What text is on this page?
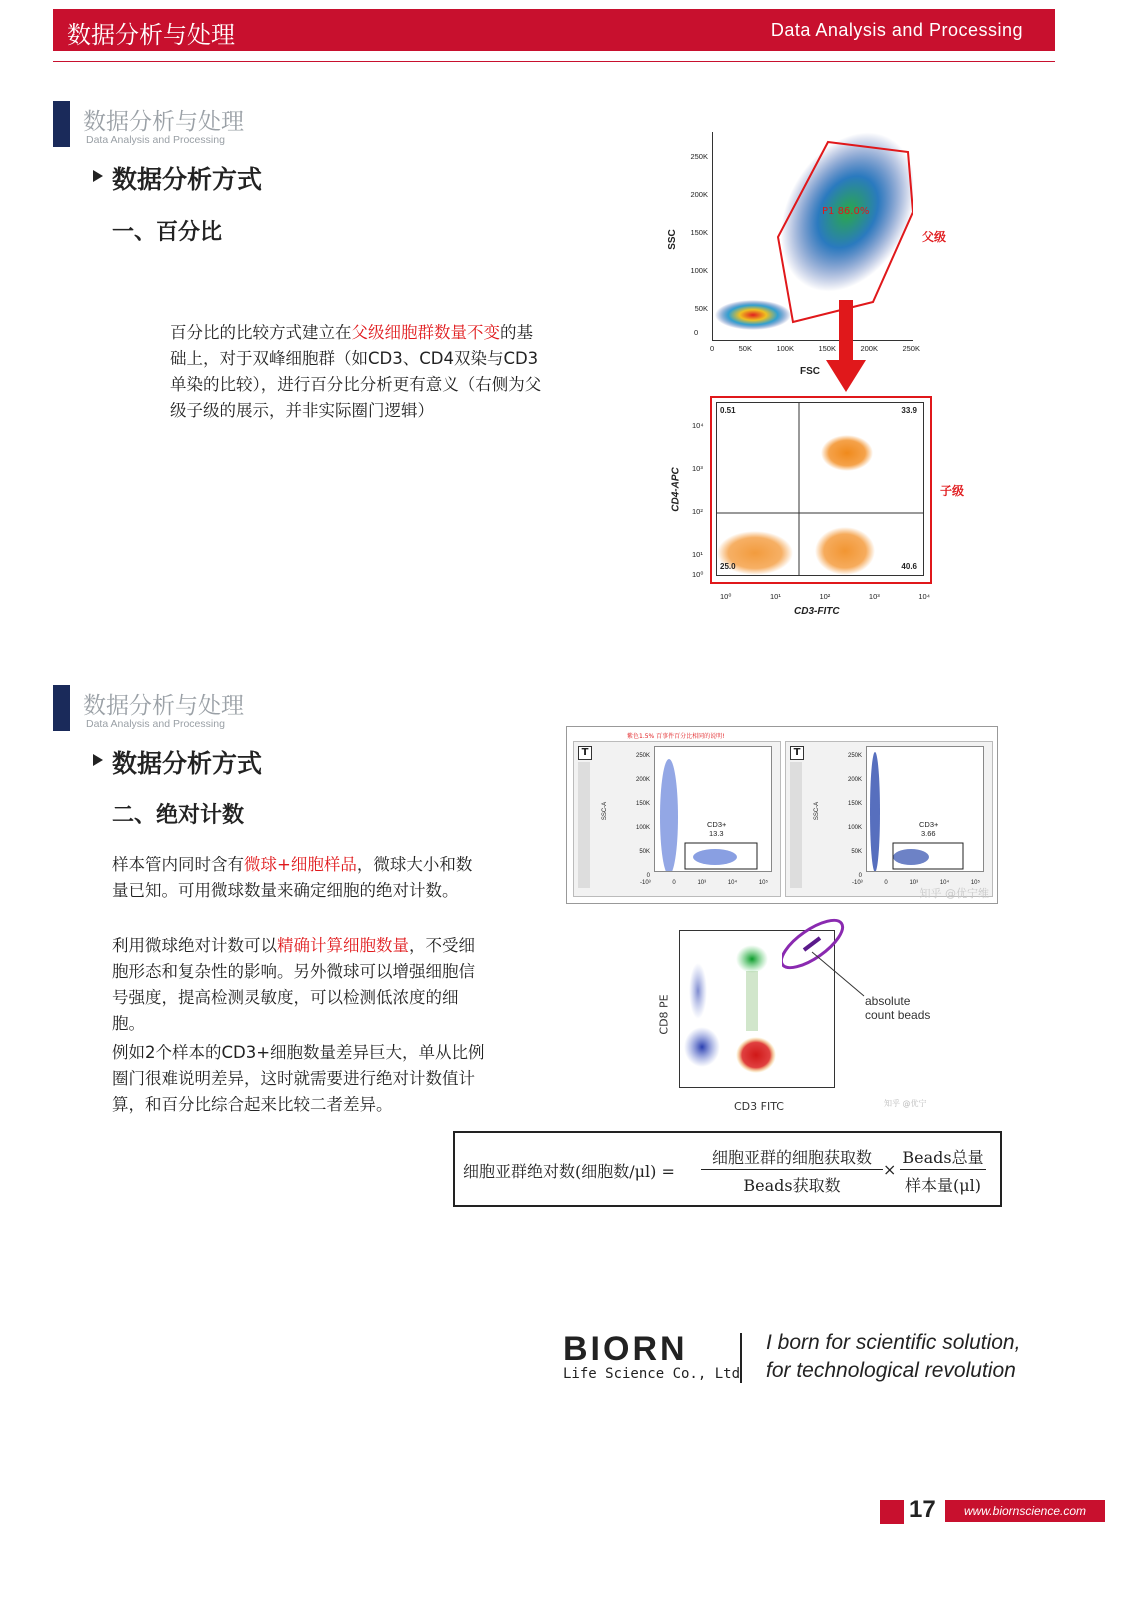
数据分析与处理	Data Analysis and Processing
数据分析与处理
Data Analysis and Processing
数据分析方式
一、百分比
百分比的比较方式建立在父级细胞群数量不变的基础上，对于双峰细胞群（如CD3、CD4双染与CD3单染的比较），进行百分比分析更有意义（右侧为父级子级的展示，并非实际圈门逻辑）
P1 86.0%
250K
200K
150K
100K
50K
0
0	50K	100K	150K	200K	250K
SSC
FSC
父级
0.51	33.9
25.0	40.6
10⁴
10³
10²
10¹
10⁰
10⁰	10¹	10²	10³	10⁴
CD4-APC
CD3-FITC
子级
数据分析与处理
Data Analysis and Processing
数据分析方式
二、绝对计数
样本管内同时含有微球+细胞样品，微球大小和数量已知。可用微球数量来确定细胞的绝对计数。
利用微球绝对计数可以精确计算细胞数量，不受细胞形态和复杂性的影响。另外微球可以增强细胞信号强度，提高检测灵敏度，可以检测低浓度的细胞。
例如2个样本的CD3+细胞数量差异巨大，单从比例圈门很难说明差异，这时就需要进行绝对计数值计算，和百分比综合起来比较二者差异。
紫色1.5% 百事件百分比相同的说明!
T
CD3+
13.3
250K
200K
150K
100K
50K
0
SSC-A
-10³	0	10³	10⁴	10⁵
T
CD3+
3.66
250K
200K
150K
100K
50K
0
SSC-A
-10³	0	10³	10⁴	10⁵
知乎 @优宁维
absolute
count beads
CD8 PE
CD3 FITC	知乎 @优宁
细胞亚群绝对数(细胞数/μl) =
细胞亚群的细胞获取数
Beads获取数
×
Beads总量
样本量(μl)
BIORN
Life Science Co., Ltd
I born for scientific solution,
for technological revolution
17	www.biornscience.com
